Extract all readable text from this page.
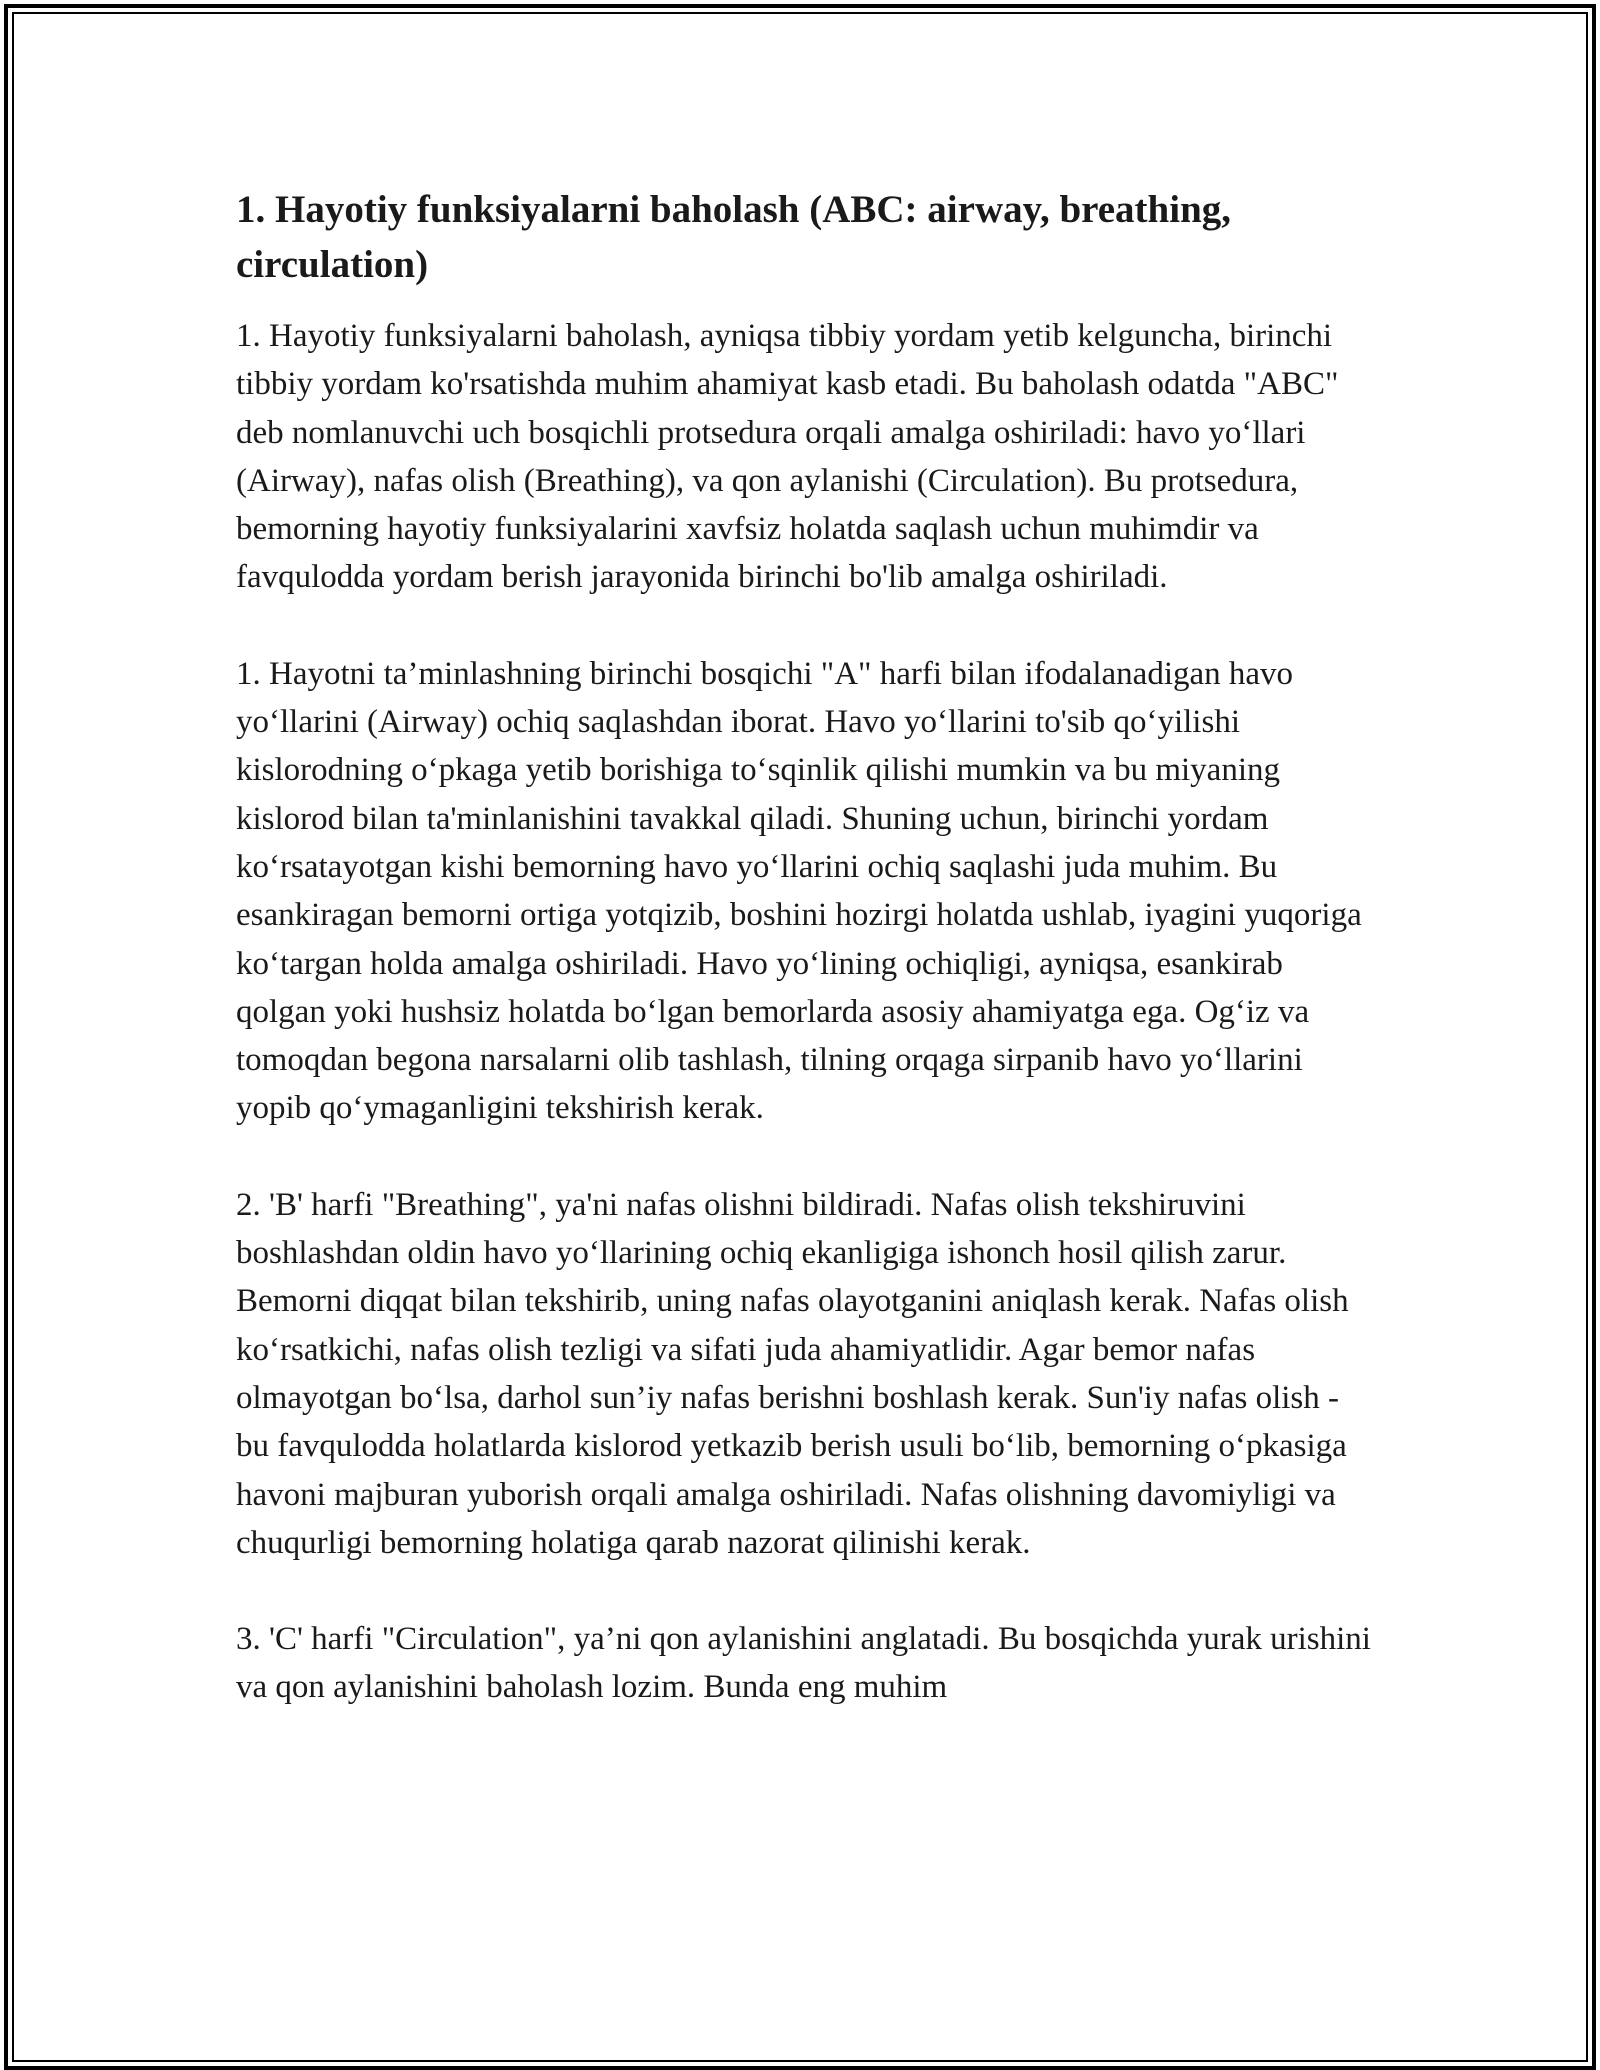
1. Hayotiy funksiyalarni baholash (ABC: airway, breathing, circulation)

1. Hayotiy funksiyalarni baholash, ayniqsa tibbiy yordam yetib kelguncha, birinchi tibbiy yordam ko'rsatishda muhim ahamiyat kasb etadi. Bu baholash odatda "ABC" deb nomlanuvchi uch bosqichli protsedura orqali amalga oshiriladi: havo yo‘llari (Airway), nafas olish (Breathing), va qon aylanishi (Circulation). Bu protsedura, bemorning hayotiy funksiyalarini xavfsiz holatda saqlash uchun muhimdir va favqulodda yordam berish jarayonida birinchi bo'lib amalga oshiriladi.

1. Hayotni ta’minlashning birinchi bosqichi "A" harfi bilan ifodalanadigan havo yo‘llarini (Airway) ochiq saqlashdan iborat. Havo yo‘llarini to'sib qo‘yilishi kislorodning o‘pkaga yetib borishiga to‘sqinlik qilishi mumkin va bu miyaning kislorod bilan ta'minlanishini tavakkal qiladi. Shuning uchun, birinchi yordam ko‘rsatayotgan kishi bemorning havo yo‘llarini ochiq saqlashi juda muhim. Bu esankiragan bemorni ortiga yotqizib, boshini hozirgi holatda ushlab, iyagini yuqoriga ko‘targan holda amalga oshiriladi. Havo yo‘lining ochiqligi, ayniqsa, esankirab qolgan yoki hushsiz holatda bo‘lgan bemorlarda asosiy ahamiyatga ega. Og‘iz va tomoqdan begona narsalarni olib tashlash, tilning orqaga sirpanib havo yo‘llarini yopib qo‘ymaganligini tekshirish kerak.

2. 'B' harfi "Breathing", ya'ni nafas olishni bildiradi. Nafas olish tekshiruvini boshlashdan oldin havo yo‘llarining ochiq ekanligiga ishonch hosil qilish zarur. Bemorni diqqat bilan tekshirib, uning nafas olayotganini aniqlash kerak. Nafas olish ko‘rsatkichi, nafas olish tezligi va sifati juda ahamiyatlidir. Agar bemor nafas olmayotgan bo‘lsa, darhol sun’iy nafas berishni boshlash kerak. Sun'iy nafas olish - bu favqulodda holatlarda kislorod yetkazib berish usuli bo‘lib, bemorning o‘pkasiga havoni majburan yuborish orqali amalga oshiriladi. Nafas olishning davomiyligi va chuqurligi bemorning holatiga qarab nazorat qilinishi kerak.

3. 'C' harfi "Circulation", ya’ni qon aylanishini anglatadi. Bu bosqichda yurak urishini va qon aylanishini baholash lozim. Bunda eng muhim
